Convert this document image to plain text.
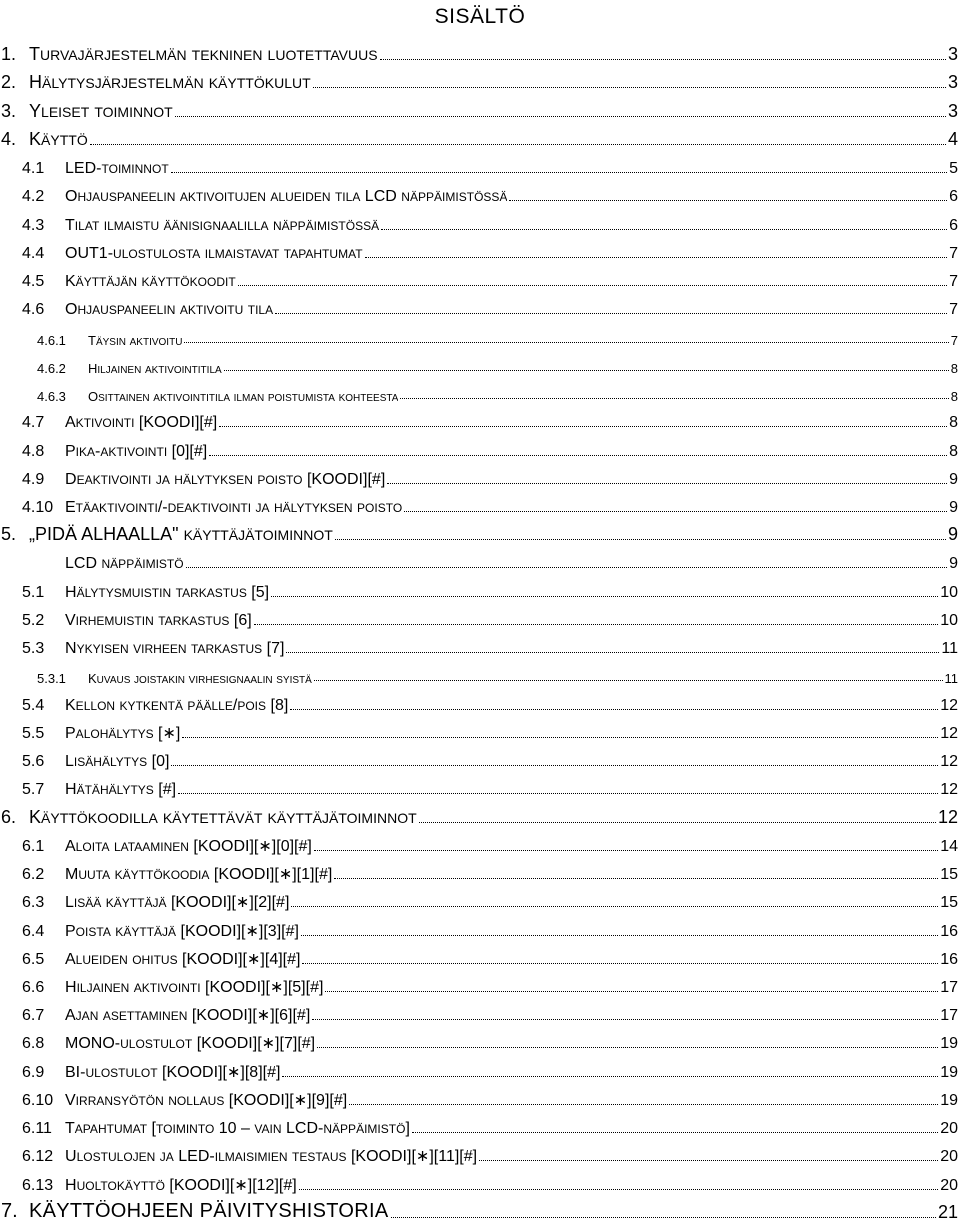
SISÄLTÖ
1. TURVAJÄRJESTELMÄN TEKNINEN LUOTETTAVUUS	3
2. HÄLYTYSJÄRJESTELMÄN KÄYTTÖKULUT	3
3. YLEISET TOIMINNOT	3
4. KÄYTTÖ	4
4.1 LED-TOIMINNOT	5
4.2 OHJAUSPANEELIN AKTIVOITUJEN ALUEIDEN TILA LCD NÄPPÄIMISTÖSSÄ	6
4.3 TILAT ILMAISTU ÄÄNISIGNAALILLA NÄPPÄIMISTÖSSÄ	6
4.4 OUT1-ULOSTULOSTA ILMAISTAVAT TAPAHTUMAT	7
4.5 KÄYTTÄJÄN KÄYTTÖKOODIT	7
4.6 OHJAUSPANEELIN AKTIVOITU TILA	7
4.6.1 TÄYSIN AKTIVOITU	7
4.6.2 HILJAINEN AKTIVOINTITILA	8
4.6.3 OSITTAINEN AKTIVOINTITILA ILMAN POISTUMISTA KOHTEESTA	8
4.7 AKTIVOINTI [KOODI][#]	8
4.8 PIKA-AKTIVOINTI [0][#]	8
4.9 DEAKTIVOINTI JA HÄLYTYKSEN POISTO [KOODI][#]	9
4.10 ETÄAKTIVOINTI/-DEAKTIVOINTI JA HÄLYTYKSEN POISTO	9
5. „PIDÄ ALHAALLA" KÄYTTÄJÄTOIMINNOT	9
LCD NÄPPÄIMISTÖ	9
5.1 HÄLYTYSMUISTIN TARKASTUS [5]	10
5.2 VIRHEMUISTIN TARKASTUS [6]	10
5.3 NYKYISEN VIRHEEN TARKASTUS [7]	11
5.3.1 KUVAUS JOISTAKIN VIRHESIGNAALIN SYISTÄ	11
5.4 KELLON KYTKENTÄ PÄÄLLE/POIS [8]	12
5.5 PALOHÄLYTYS [∗]	12
5.6 LISÄHÄLYTYS [0]	12
5.7 HÄTÄHÄLYTYS [#]	12
6. KÄYTTÖKOODILLA KÄYTETTÄVÄT KÄYTTÄJÄTOIMINNOT	12
6.1 ALOITA LATAAMINEN [KOODI][∗][0][#]	14
6.2 MUUTA KÄYTTÖKOODIA [KOODI][∗][1][#]	15
6.3 LISÄÄ KÄYTTÄJÄ [KOODI][∗][2][#]	15
6.4 POISTA KÄYTTÄJÄ [KOODI][∗][3][#]	16
6.5 ALUEIDEN OHITUS [KOODI][∗][4][#]	16
6.6 HILJAINEN AKTIVOINTI [KOODI][∗][5][#]	17
6.7 AJAN ASETTAMINEN [KOODI][∗][6][#]	17
6.8 MONO-ULOSTULOT [KOODI][∗][7][#]	19
6.9 BI-ULOSTULOT [KOODI][∗][8][#]	19
6.10 VIRRANSYÖTÖN NOLLAUS [KOODI][∗][9][#]	19
6.11 TAPAHTUMAT [TOIMINTO 10 – VAIN LCD-NÄPPÄIMISTÖ]	20
6.12 ULOSTULOJEN JA LED-ILMAISIMIEN TESTAUS [KOODI][∗][11][#]	20
6.13 HUOLTOKÄYTTÖ [KOODI][∗][12][#]	20
7. KÄYTTÖOHJEEN PÄIVITYSHISTORIA	21
